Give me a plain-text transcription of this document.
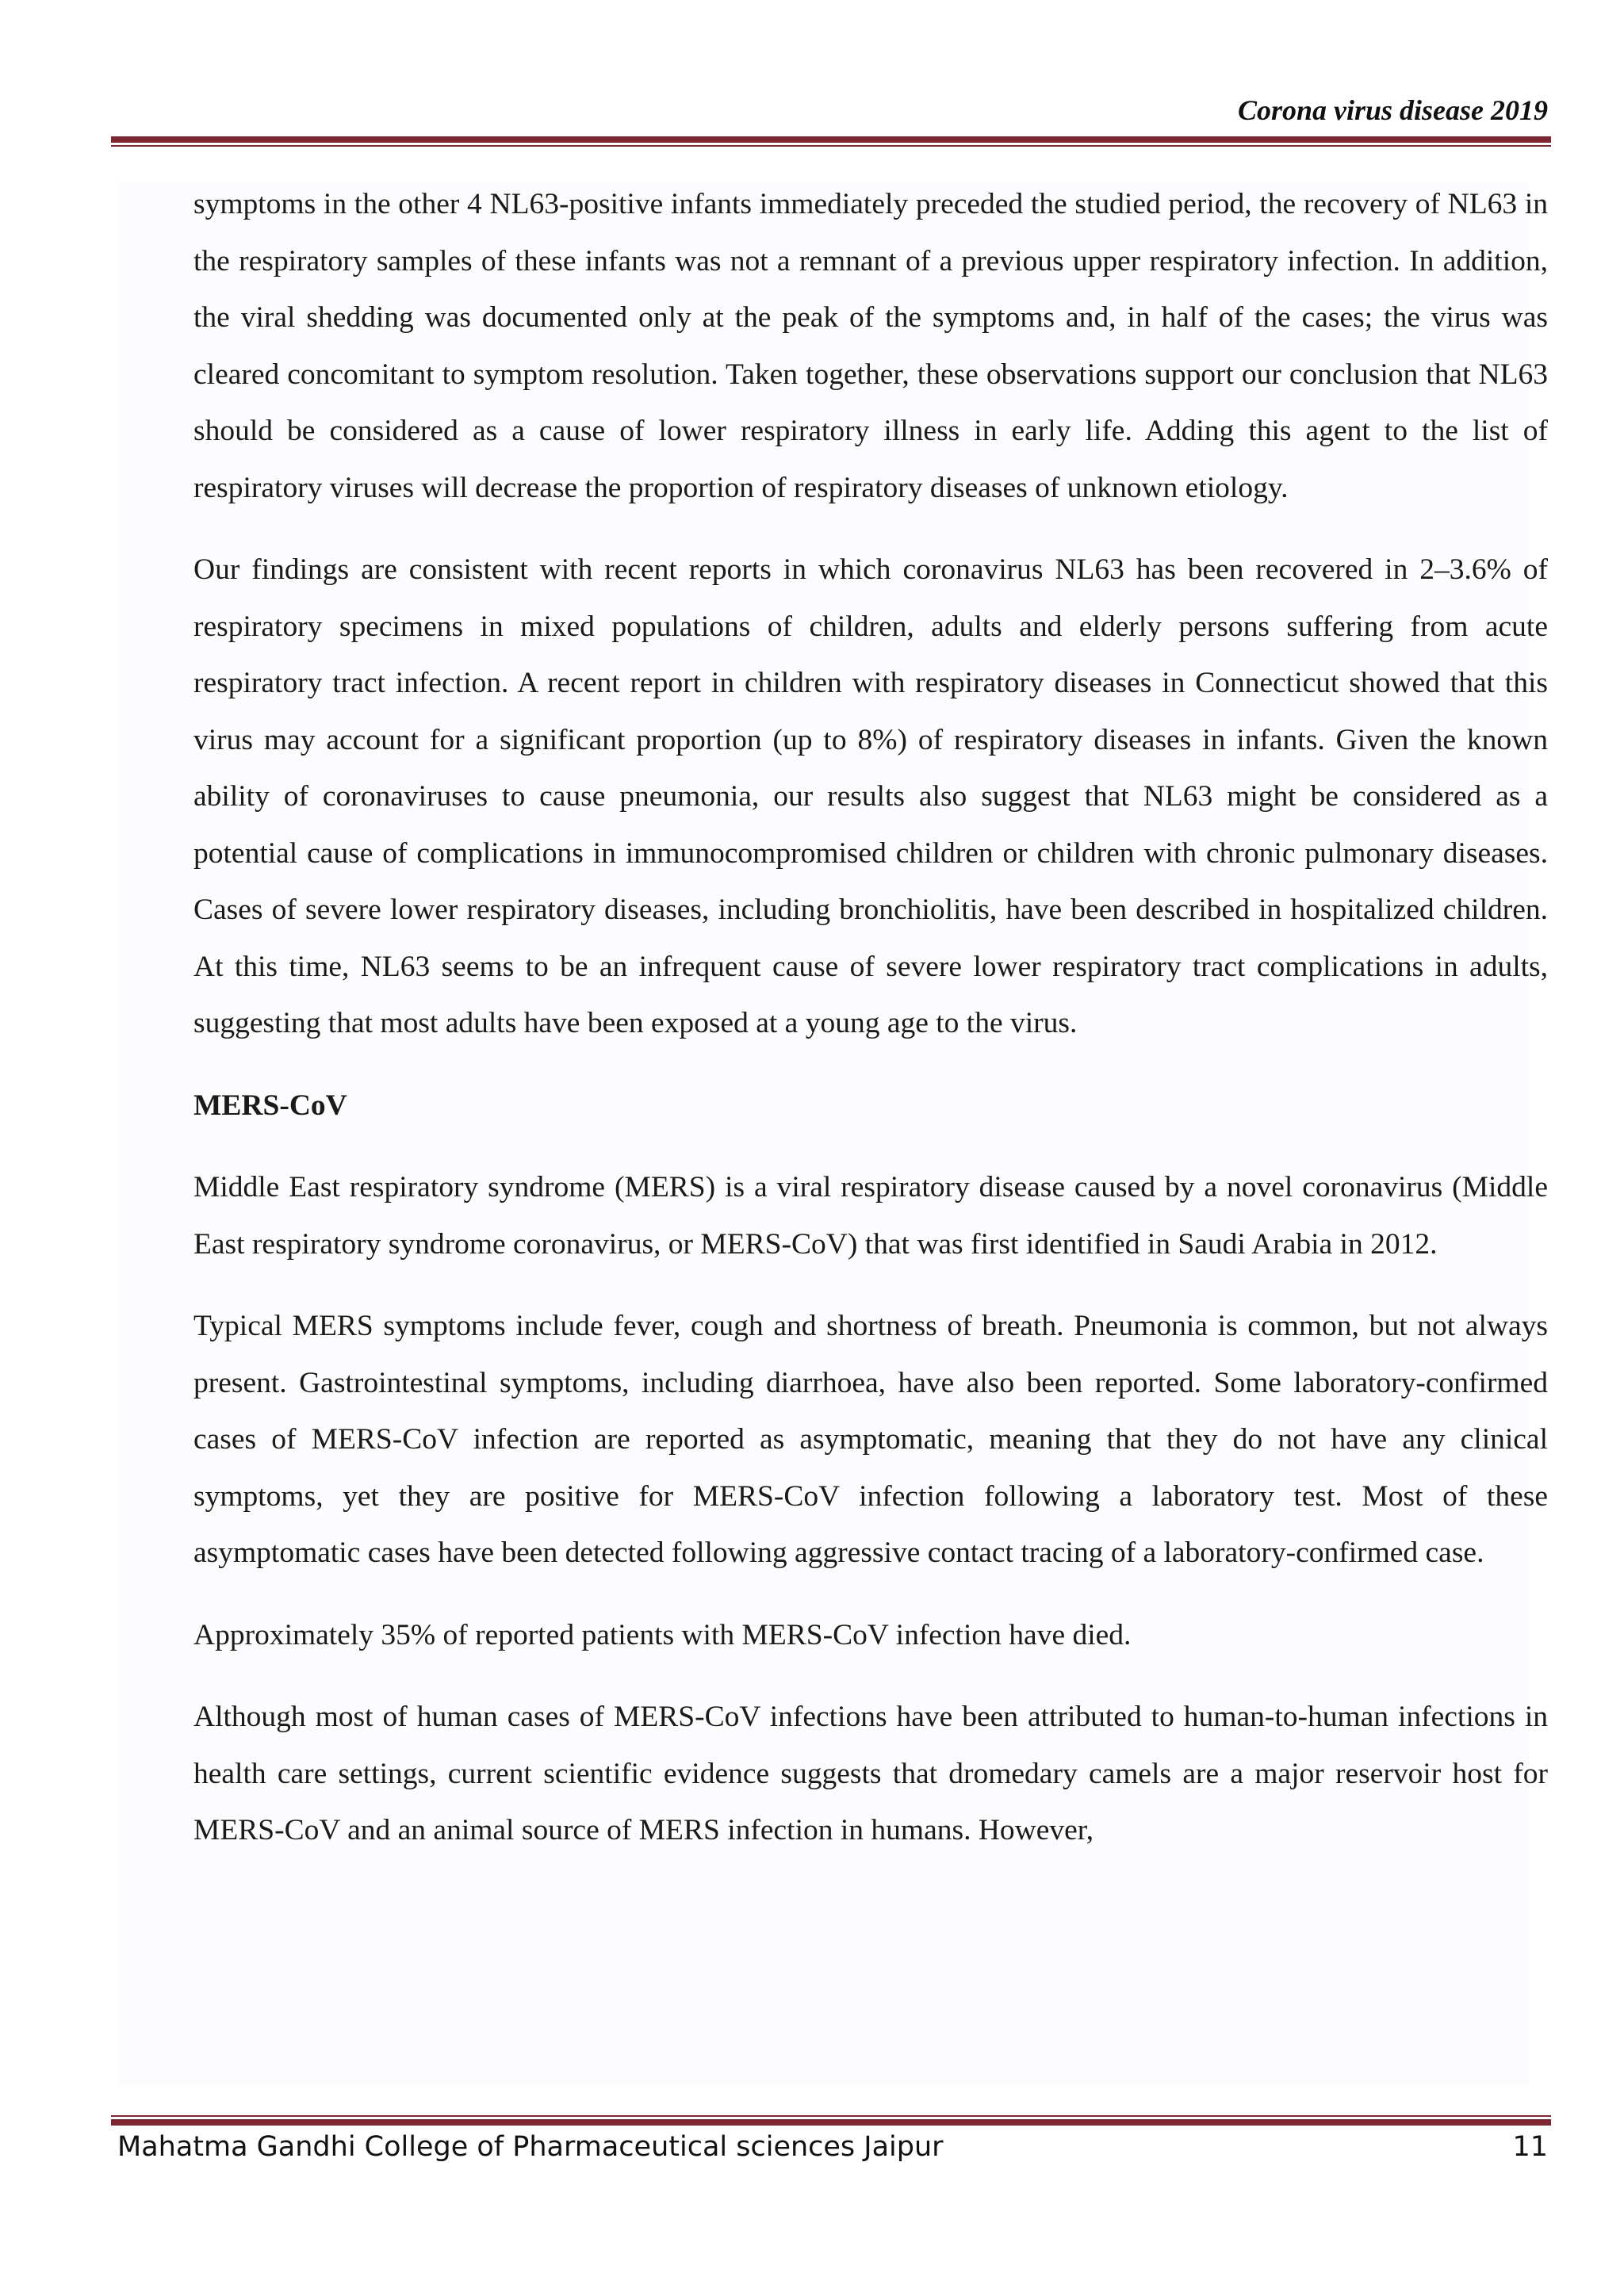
Corona virus disease 2019

symptoms in the other 4 NL63-positive infants immediately preceded the studied period, the recovery of NL63 in the respiratory samples of these infants was not a remnant of a previous upper respiratory infection. In addition, the viral shedding was documented only at the peak of the symptoms and, in half of the cases; the virus was cleared concomitant to symptom resolution. Taken together, these observations support our conclusion that NL63 should be considered as a cause of lower respiratory illness in early life. Adding this agent to the list of respiratory viruses will decrease the proportion of respiratory diseases of unknown etiology.

Our findings are consistent with recent reports in which coronavirus NL63 has been recovered in 2–3.6% of respiratory specimens in mixed populations of children, adults and elderly persons suffering from acute respiratory tract infection. A recent report in children with respiratory diseases in Connecticut showed that this virus may account for a significant proportion (up to 8%) of respiratory diseases in infants. Given the known ability of coronaviruses to cause pneumonia, our results also suggest that NL63 might be considered as a potential cause of complications in immunocompromised children or children with chronic pulmonary diseases. Cases of severe lower respiratory diseases, including bronchiolitis, have been described in hospitalized children. At this time, NL63 seems to be an infrequent cause of severe lower respiratory tract complications in adults, suggesting that most adults have been exposed at a young age to the virus.

MERS-CoV

Middle East respiratory syndrome (MERS) is a viral respiratory disease caused by a novel coronavirus (Middle East respiratory syndrome coronavirus, or MERS-CoV) that was first identified in Saudi Arabia in 2012.

Typical MERS symptoms include fever, cough and shortness of breath. Pneumonia is common, but not always present. Gastrointestinal symptoms, including diarrhoea, have also been reported. Some laboratory-confirmed cases of MERS-CoV infection are reported as asymptomatic, meaning that they do not have any clinical symptoms, yet they are positive for MERS-CoV infection following a laboratory test. Most of these asymptomatic cases have been detected following aggressive contact tracing of a laboratory-confirmed case.

Approximately 35% of reported patients with MERS-CoV infection have died.

Although most of human cases of MERS-CoV infections have been attributed to human-to-human infections in health care settings, current scientific evidence suggests that dromedary camels are a major reservoir host for MERS-CoV and an animal source of MERS infection in humans. However,

Mahatma Gandhi College of Pharmaceutical sciences Jaipur	11
